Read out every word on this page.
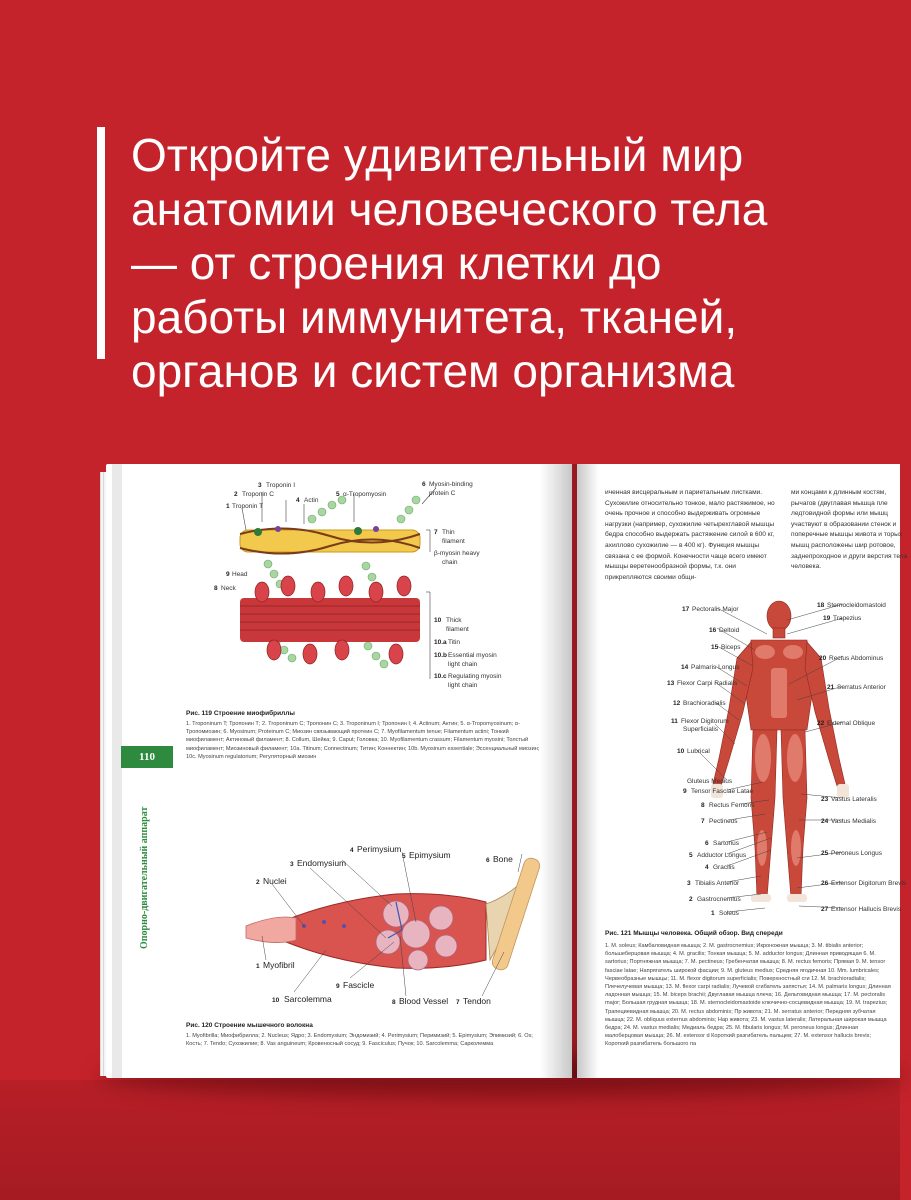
Откройте удивительный мир
анатомии человеческого тела
— от строения клетки до
работы иммунитета, тканей,
органов и систем организма
Опорно-двигательный аппарат
110
3 Troponin I
2 Troponin C
1 Troponin T
4 Actin
5 α-Tropomyosin
6 Myosin-binding
protein C
7 Thin
filament
β-myosin heavy
chain
9 Head
8 Neck
10 Thick
filament
10.a Titin
10.b Essential myosin
light chain
10.c Regulating myosin
light chain

Рис. 119 Строение миофибриллы

1. Troponinum T; Тропонин Т; 2. Troponinum C; Тропонин С; 3. Troponinum I; Тропонин I; 4. Actinum; Актин; 5. α-Tropomyosinum; α-Тропомиозин; 6. Myosinum; Proteinum C; Миозин связывающий протеин С; 7. Myofilamentum tenue; Filamentum actini; Тонкий миофиламент; Актиновый филамент; 8. Collum, Шейка; 9. Caput; Головка; 10. Myofilamentum crassum; Filamentum myosini; Толстый миофиламент; Миозиновый филамент; 10a. Titinum; Connectinum; Титин; Коннектин; 10b. Myosinum essentiale; Эссенциальный миозин; 10c. Myosinum regulatorium; Регуляторный миозин

4 Perimysium
5 Epimysium
3 Endomysium	6 Bone
2 Nuclei
1 Myofibril
9 Fascicle
10 Sarcolemma	8 Blood Vessel 7 Tendon

Рис. 120 Строение мышечного волокна

1. Myofibrilla; Миофибрилла; 2. Nucleus; Ядро; 3. Endomysium; Эндомизий; 4. Perimysium; Перимизий; 5. Epimysium; Эпимизий; 6. Os; Кость; 7. Tendo; Сухожилие; 8. Vas anguineum; Кровеносный сосуд; 9. Fasciculus; Пучок; 10. Sarcolemma; Сарколемма

иченная висцеральным и париетальным листками. Сухожилие относительно тонкое, мало растяжимое, но очень прочное и способно выдерживать огромные нагрузки (например, сухожилие четырехглавой мышцы бедра способно выдержать растяжение силой в 600 кг, ахиллово сухожилие — в 400 кг). Функция мышцы связана с ее формой. Конечности чаще всего имеют мышцы веретенообразной формы, т.к. они прикрепляются своими общи-

ми концами к длинным костям, рычагов (двуглавая мышца пле ледтовидной формы или мышц участвуют в образовании стенок и поперечные мышцы живота и торых мышц расположены шир ротовое, заднепроходное и други верстия тела человека.

17 Pectoralis Major
18 Sternocleidomastoid
19 Trapezius
16 Deltoid
15 Biceps
20 Rectus Abdominus
14 Palmaris Longus
13 Flexor Carpi Radialis
21 Serratus Anterior
12 Brachioradialis
11 Flexor Digitorum
Superficialis
22 External Oblique
10 Lubrical
9
Gluteus Medius
Tensor Fasciae Latae
8 Rectus Femoris
23 Vastus Lateralis
7 Pectineus	24 Vastus Medialis
6 Sartorius
5 Adductor Longus
4 Gracilis
25 Peroneus Longus
3 Tibialis Anterior	26 Extensor Digitorum Brevis
2 Gastrocnemius
1 Soleus
27 Extensor Hallucis Brevis

Рис. 121 Мышцы человека. Общий обзор. Вид спереди

1. M. soleus; Камбаловидная мышца; 2. M. gastrocnemius; Икроножная мышца; 3. M. tibialis anterior; большеберцовая мышца; 4. M. gracilis; Тонкая мышца; 5. M. adductor longus; Длинная приводящая 6. M. sartorius; Портняжная мышца; 7. M. pectineus; Гребенчатая мышца; 8. M. rectus femoris; Прямая 9. M. tensor fasciae latae; Напрягатель широкой фасции; 9. M. gluteus medius; Средняя ягодичная 10. Mm. lumbricales; Червеобразные мышцы; 11. M. flexor digitorum superficialis; Поверхностный сги 12. M. brachioradialis; Плечелучевая мышца; 13. M. flexor carpi radialis; Лучевой сгибатель запястья; 14. M. palmaris longus; Длинная ладонная мышца; 15. M. biceps brachii; Двуглавая мышца плеча; 16. Дельтовидная мышца; 17. M. pectoralis major; Большая грудная мышца; 18. M. sternocleidomastoide ключично-сосцевидная мышца; 19. M. trapezius; Трапециевидная мышца; 20. M. rectus abdominis; Пр живота; 21. M. serratus anterior; Передняя зубчатая мышца; 22. M. obliquus externus abdominis; Нар живота; 23. M. vastus lateralis; Латеральная широкая мышца бедра; 24. M. vastus medialis; Медиаль бедра; 25. M. fibularis longus; M. peroneus longus; Длинная малоберцовая мышца; 26. M. extensor d Короткий разгибатель пальцев; 27. M. extensor hallucis brevis; Короткий разгибатель большого па
